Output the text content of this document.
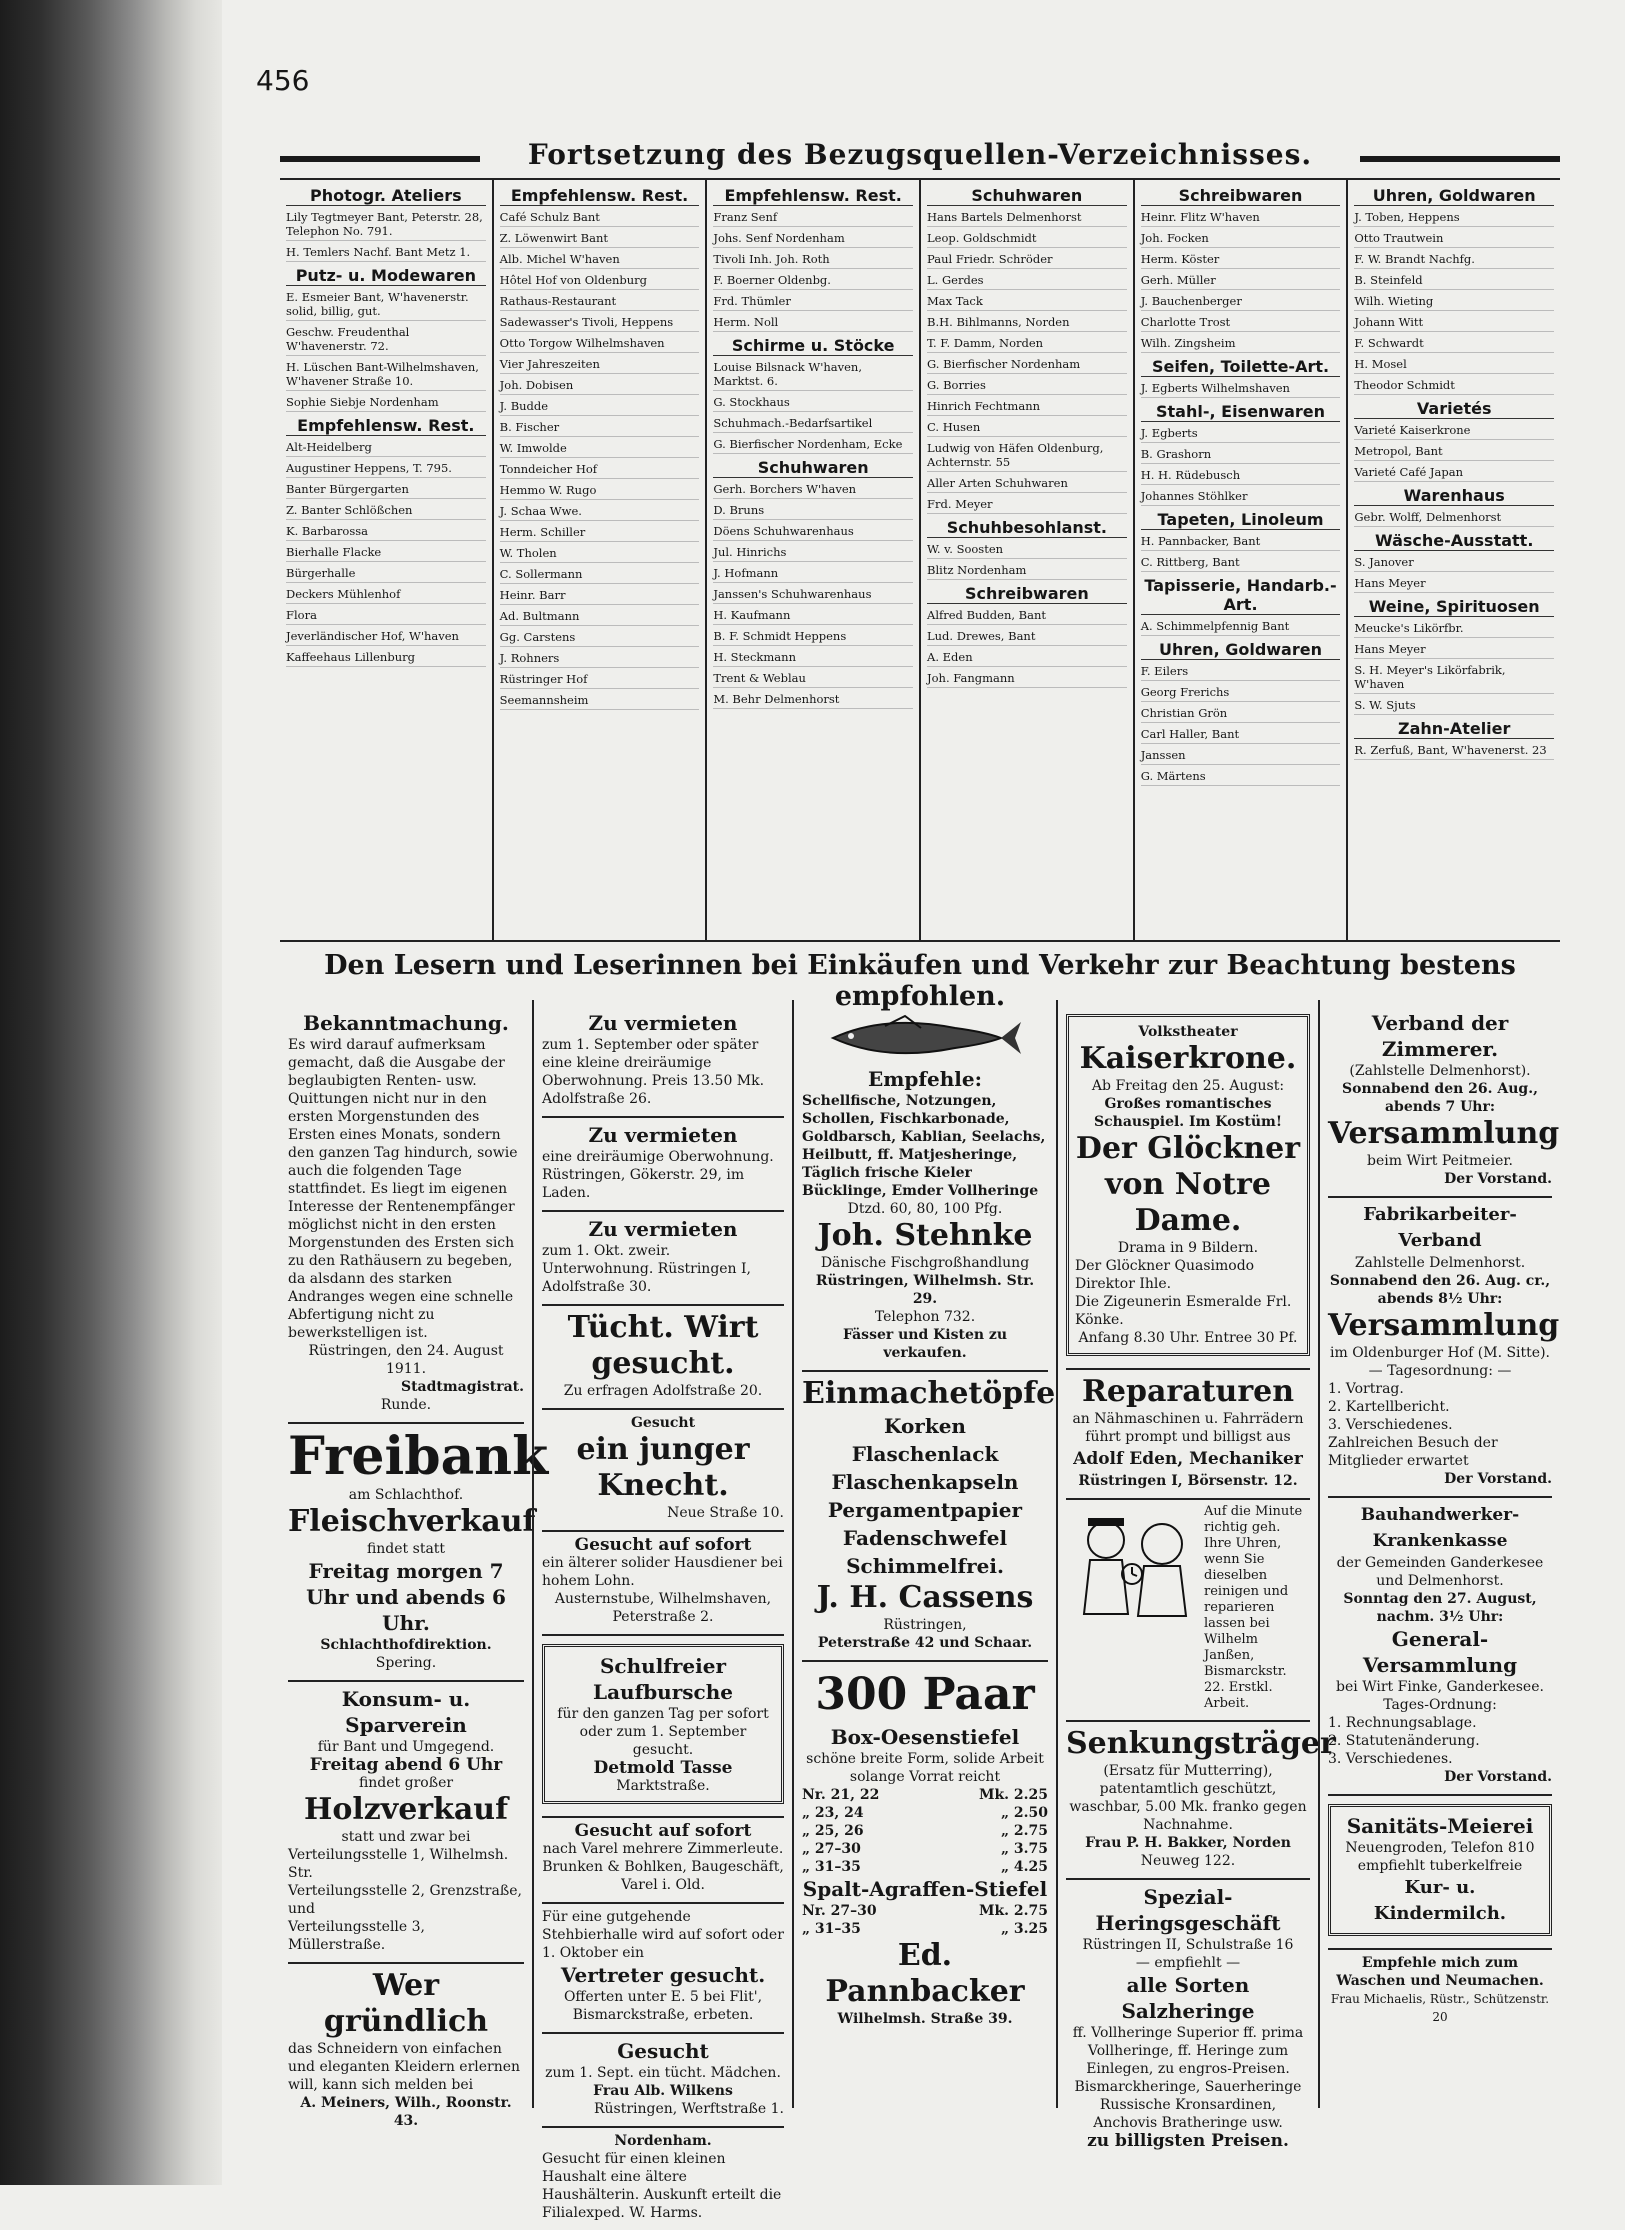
456
Fortsetzung des Bezugsquellen-Verzeichnisses.
Photogr. Ateliers
Lily Tegtmeyer Bant, Peterstr. 28, Telephon No. 791.
H. Temlers Nachf. Bant Metz 1.
Putz- u. Modewaren
E. Esmeier Bant, W'havenerstr. solid, billig, gut.
Geschw. Freudenthal W'havenerstr. 72.
H. Lüschen Bant-Wilhelmshaven, W'havener Straße 10.
Sophie Siebje Nordenham
Empfehlensw. Rest.
Alt-Heidelberg
Augustiner Heppens, T. 795.
Banter Bürgergarten
Z. Banter Schlößchen
K. Barbarossa
Bierhalle Flacke
Bürgerhalle
Deckers Mühlenhof
Flora
Jeverländischer Hof, W'haven
Kaffeehaus Lillenburg
Empfehlensw. Rest.
Café Schulz Bant
Z. Löwenwirt Bant
Alb. Michel W'haven
Hôtel Hof von Oldenburg
Rathaus-Restaurant
Sadewasser's Tivoli, Heppens
Otto Torgow Wilhelmshaven
Vier Jahreszeiten
Joh. Dobisen
J. Budde
B. Fischer
W. Imwolde
Tonndeicher Hof
Hemmo W. Rugo
J. Schaa Wwe.
Herm. Schiller
W. Tholen
C. Sollermann
Heinr. Barr
Ad. Bultmann
Gg. Carstens
J. Rohners
Rüstringer Hof
Seemannsheim
Empfehlensw. Rest.
Franz Senf
Johs. Senf Nordenham
Tivoli Inh. Joh. Roth
F. Boerner Oldenbg.
Frd. Thümler
Herm. Noll
Schirme u. Stöcke
Louise Bilsnack W'haven, Marktst. 6.
G. Stockhaus
Schuhmach.-Bedarfsartikel
G. Bierfischer Nordenham, Ecke
Schuhwaren
Gerh. Borchers W'haven
D. Bruns
Döens Schuhwarenhaus
Jul. Hinrichs
J. Hofmann
Janssen's Schuhwarenhaus
H. Kaufmann
B. F. Schmidt Heppens
H. Steckmann
Trent & Weblau
M. Behr Delmenhorst
Schuhwaren
Hans Bartels Delmenhorst
Leop. Goldschmidt
Paul Friedr. Schröder
L. Gerdes
Max Tack
B.H. Bihlmanns, Norden
T. F. Damm, Norden
G. Bierfischer Nordenham
G. Borries
Hinrich Fechtmann
C. Husen
Ludwig von Häfen Oldenburg, Achternstr. 55
Aller Arten Schuhwaren
Frd. Meyer
Schuhbesohlanst.
W. v. Soosten
Blitz Nordenham
Schreibwaren
Alfred Budden, Bant
Lud. Drewes, Bant
A. Eden
Joh. Fangmann
Schreibwaren
Heinr. Flitz W'haven
Joh. Focken
Herm. Köster
Gerh. Müller
J. Bauchenberger
Charlotte Trost
Wilh. Zingsheim
Seifen, Toilette-Art.
J. Egberts Wilhelmshaven
Stahl-, Eisenwaren
J. Egberts
B. Grashorn
H. H. Rüdebusch
Johannes Stöhlker
Tapeten, Linoleum
H. Pannbacker, Bant
C. Rittberg, Bant
Tapisserie, Handarb.-Art.
A. Schimmelpfennig Bant
Uhren, Goldwaren
F. Eilers
Georg Frerichs
Christian Grön
Carl Haller, Bant
Janssen
G. Märtens
Uhren, Goldwaren
J. Toben, Heppens
Otto Trautwein
F. W. Brandt Nachfg.
B. Steinfeld
Wilh. Wieting
Johann Witt
F. Schwardt
H. Mosel
Theodor Schmidt
Varietés
Varieté Kaiserkrone
Metropol, Bant
Varieté Café Japan
Warenhaus
Gebr. Wolff, Delmenhorst
Wäsche-Ausstatt.
S. Janover
Hans Meyer
Weine, Spirituosen
Meucke's Likörfbr.
Hans Meyer
S. H. Meyer's Likörfabrik, W'haven
S. W. Sjuts
Zahn-Atelier
R. Zerfuß, Bant, W'havenerst. 23
Den Lesern und Leserinnen bei Einkäufen und Verkehr zur Beachtung bestens empfohlen.
Bekanntmachung.
Es wird darauf aufmerksam gemacht, daß die Ausgabe der beglaubigten Renten- usw. Quittungen nicht nur in den ersten Morgenstunden des Ersten eines Monats, sondern den ganzen Tag hindurch, sowie auch die folgenden Tage stattfindet. Es liegt im eigenen Interesse der Rentenempfänger möglichst nicht in den ersten Morgenstunden des Ersten sich zu den Rathäusern zu begeben, da alsdann des starken Andranges wegen eine schnelle Abfertigung nicht zu bewerkstelligen ist.
Rüstringen, den 24. August 1911.
Stadtmagistrat.
Runde.
Freibank
am Schlachthof.
Fleischverkauf
findet statt
Freitag morgen 7 Uhr und abends 6 Uhr.
Schlachthofdirektion.
Spering.
Konsum- u. Sparverein
für Bant und Umgegend.
Freitag abend 6 Uhr
findet großer
Holzverkauf
statt und zwar bei
Verteilungsstelle 1, Wilhelmsh. Str.
Verteilungsstelle 2, Grenzstraße, und
Verteilungsstelle 3, Müllerstraße.
Wer gründlich
das Schneidern von einfachen und eleganten Kleidern erlernen will, kann sich melden bei
A. Meiners, Wilh., Roonstr. 43.
Zu vermieten
zum 1. September oder später eine kleine dreiräumige Oberwohnung. Preis 13.50 Mk. Adolfstraße 26.
Zu vermieten
eine dreiräumige Oberwohnung. Rüstringen, Gökerstr. 29, im Laden.
Zu vermieten
zum 1. Okt. zweir. Unterwohnung. Rüstringen I, Adolfstraße 30.
Tücht. Wirt gesucht.
Zu erfragen Adolfstraße 20.
Gesucht
ein junger Knecht.
Neue Straße 10.
Gesucht auf sofort
ein älterer solider Hausdiener bei hohem Lohn.
Austernstube, Wilhelmshaven, Peterstraße 2.
Schulfreier Laufbursche
für den ganzen Tag per sofort oder zum 1. September gesucht.
Detmold Tasse
Marktstraße.
Gesucht auf sofort
nach Varel mehrere Zimmerleute.
Brunken & Bohlken, Baugeschäft, Varel i. Old.
Für eine gutgehende Stehbierhalle wird auf sofort oder 1. Oktober ein
Vertreter gesucht.
Offerten unter E. 5 bei Flit', Bismarckstraße, erbeten.
Gesucht
zum 1. Sept. ein tücht. Mädchen.
Frau Alb. Wilkens
Rüstringen, Werftstraße 1.
Nordenham.
Gesucht für einen kleinen Haushalt eine ältere Haushälterin. Auskunft erteilt die Filialexped. W. Harms.
Empfehle:
Schellfische, Notzungen, Schollen, Fischkarbonade, Goldbarsch, Kablian, Seelachs, Heilbutt, ff. Matjesheringe, Täglich frische Kieler Bücklinge, Emder Vollheringe
Dtzd. 60, 80, 100 Pfg.
Joh. Stehnke
Dänische Fischgroßhandlung
Rüstringen, Wilhelmsh. Str. 29.
Telephon 732.
Fässer und Kisten zu verkaufen.
Einmachetöpfe
Korken
Flaschenlack
Flaschenkapseln
Pergamentpapier
Fadenschwefel
Schimmelfrei.
J. H. Cassens
Rüstringen,
Peterstraße 42 und Schaar.
300 Paar
Box-Oesenstiefel
schöne breite Form, solide Arbeit solange Vorrat reicht
Nr. 21, 22	Mk. 2.25
„ 23, 24	„ 2.50
„ 25, 26	„ 2.75
„ 27–30	„ 3.75
„ 31–35	„ 4.25
Spalt-Agraffen-Stiefel
Nr. 27–30	Mk. 2.75
„ 31–35	„ 3.25
Ed. Pannbacker
Wilhelmsh. Straße 39.
Volkstheater
Kaiserkrone.
Ab Freitag den 25. August:
Großes romantisches Schauspiel. Im Kostüm!
Der Glöckner von Notre Dame.
Drama in 9 Bildern.
Der Glöckner Quasimodo Direktor Ihle.
Die Zigeunerin Esmeralde Frl. Könke.
Anfang 8.30 Uhr. Entree 30 Pf.
Reparaturen
an Nähmaschinen u. Fahrrädern führt prompt und billigst aus
Adolf Eden, Mechaniker
Rüstringen I, Börsenstr. 12.
Auf die Minute richtig geh. Ihre Uhren, wenn Sie dieselben reinigen und reparieren lassen bei Wilhelm Janßen, Bismarckstr. 22. Erstkl. Arbeit.
Senkungsträger
(Ersatz für Mutterring), patentamtlich geschützt, waschbar, 5.00 Mk. franko gegen Nachnahme.
Frau P. H. Bakker, Norden
Neuweg 122.
Spezial-Heringsgeschäft
Rüstringen II, Schulstraße 16
— empfiehlt —
alle Sorten Salzheringe
ff. Vollheringe Superior ff. prima Vollheringe, ff. Heringe zum Einlegen, zu engros-Preisen. Bismarckheringe, Sauerheringe Russische Kronsardinen, Anchovis Bratheringe usw.
zu billigsten Preisen.
Verband der Zimmerer.
(Zahlstelle Delmenhorst).
Sonnabend den 26. Aug., abends 7 Uhr:
Versammlung
beim Wirt Peitmeier.
Der Vorstand.
Fabrikarbeiter-Verband
Zahlstelle Delmenhorst.
Sonnabend den 26. Aug. cr., abends 8½ Uhr:
Versammlung
im Oldenburger Hof (M. Sitte).
— Tagesordnung: —
1. Vortrag.
2. Kartellbericht.
3. Verschiedenes.
Zahlreichen Besuch der Mitglieder erwartet
Der Vorstand.
Bauhandwerker-Krankenkasse
der Gemeinden Ganderkesee und Delmenhorst.
Sonntag den 27. August, nachm. 3½ Uhr:
General-Versammlung
bei Wirt Finke, Ganderkesee.
Tages-Ordnung:
1. Rechnungsablage.
2. Statutenänderung.
3. Verschiedenes.
Der Vorstand.
Sanitäts-Meierei
Neuengroden, Telefon 810
empfiehlt tuberkelfreie
Kur- u. Kindermilch.
Empfehle mich zum Waschen und Neumachen.
Frau Michaelis, Rüstr., Schützenstr. 20
